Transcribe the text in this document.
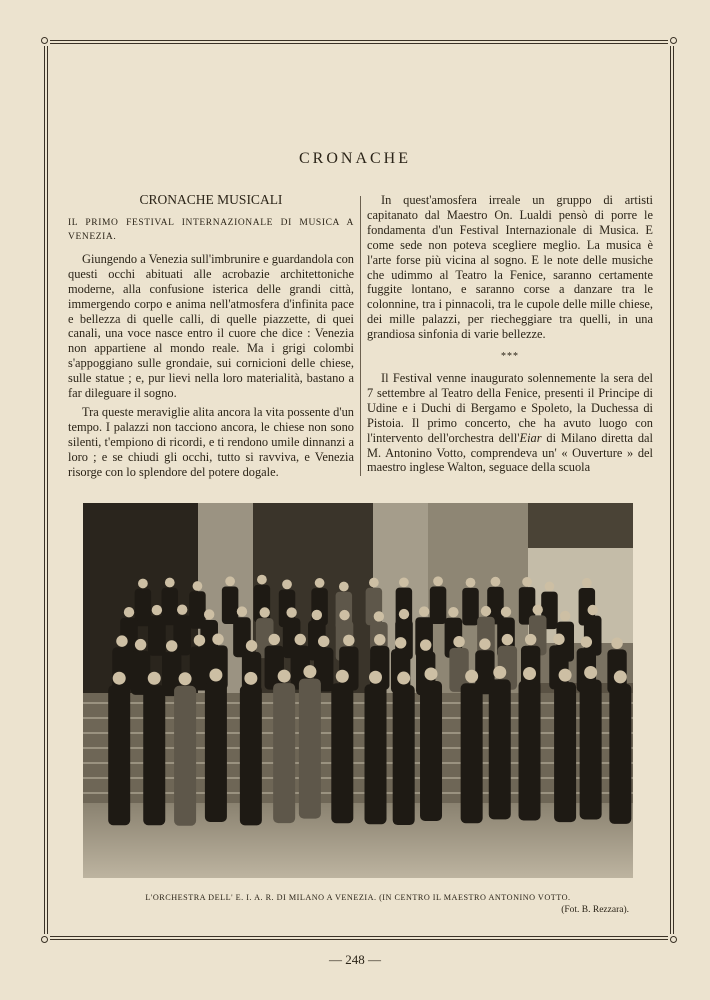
CRONACHE
CRONACHE MUSICALI
IL PRIMO FESTIVAL INTERNAZIONALE DI MUSICA A VENEZIA.

Giungendo a Venezia sull'imbrunire e guardandola con questi occhi abituati alle acrobazie architettoniche moderne, alla confusione isterica delle grandi città, immergendo corpo e anima nell'atmosfera d'infinita pace e bellezza di quelle calli, di quelle piazzette, di quei canali, una voce nasce entro il cuore che dice : Venezia non appartiene al mondo reale. Ma i grigi colombi s'appoggiano sulle grondaie, sui cornicioni delle chiese, sulle statue ; e, pur lievi nella loro materialità, bastano a far dileguare il sogno.

Tra queste meraviglie alita ancora la vita possente d'un tempo. I palazzi non tacciono ancora, le chiese non sono silenti, t'empiono di ricordi, e ti rendono umile dinnanzi a loro ; e se chiudi gli occhi, tutto si ravviva, e Venezia risorge con lo splendore del potere dogale.

In quest'amosfera irreale un gruppo di artisti capitanato dal Maestro On. Lualdi pensò di porre le fondamenta d'un Festival Internazionale di Musica. E come sede non poteva scegliere meglio. La musica è l'arte forse più vicina al sogno. E le note delle musiche che udimmo al Teatro la Fenice, saranno certamente fuggite lontano, e saranno corse a danzare tra le colonnine, tra i pinnacoli, tra le cupole delle mille chiese, dei mille palazzi, per riecheggiare tra quelli, in una grandiosa sinfonia di varie bellezze.

***

Il Festival venne inaugurato solennemente la sera del 7 settembre al Teatro della Fenice, presenti il Principe di Udine e i Duchi di Bergamo e Spoleto, la Duchessa di Pistoia. Il primo concerto, che ha avuto luogo con l'intervento dell'orchestra dell'Eiar di Milano diretta dal M. Antonino Votto, comprendeva un' « Ouverture » del maestro inglese Walton, seguace della scuola

L'ORCHESTRA DELL' E. I. A. R. DI MILANO A VENEZIA. (IN CENTRO IL MAESTRO ANTONINO VOTTO.
(Fot. B. Rezzara).
— 248 —
